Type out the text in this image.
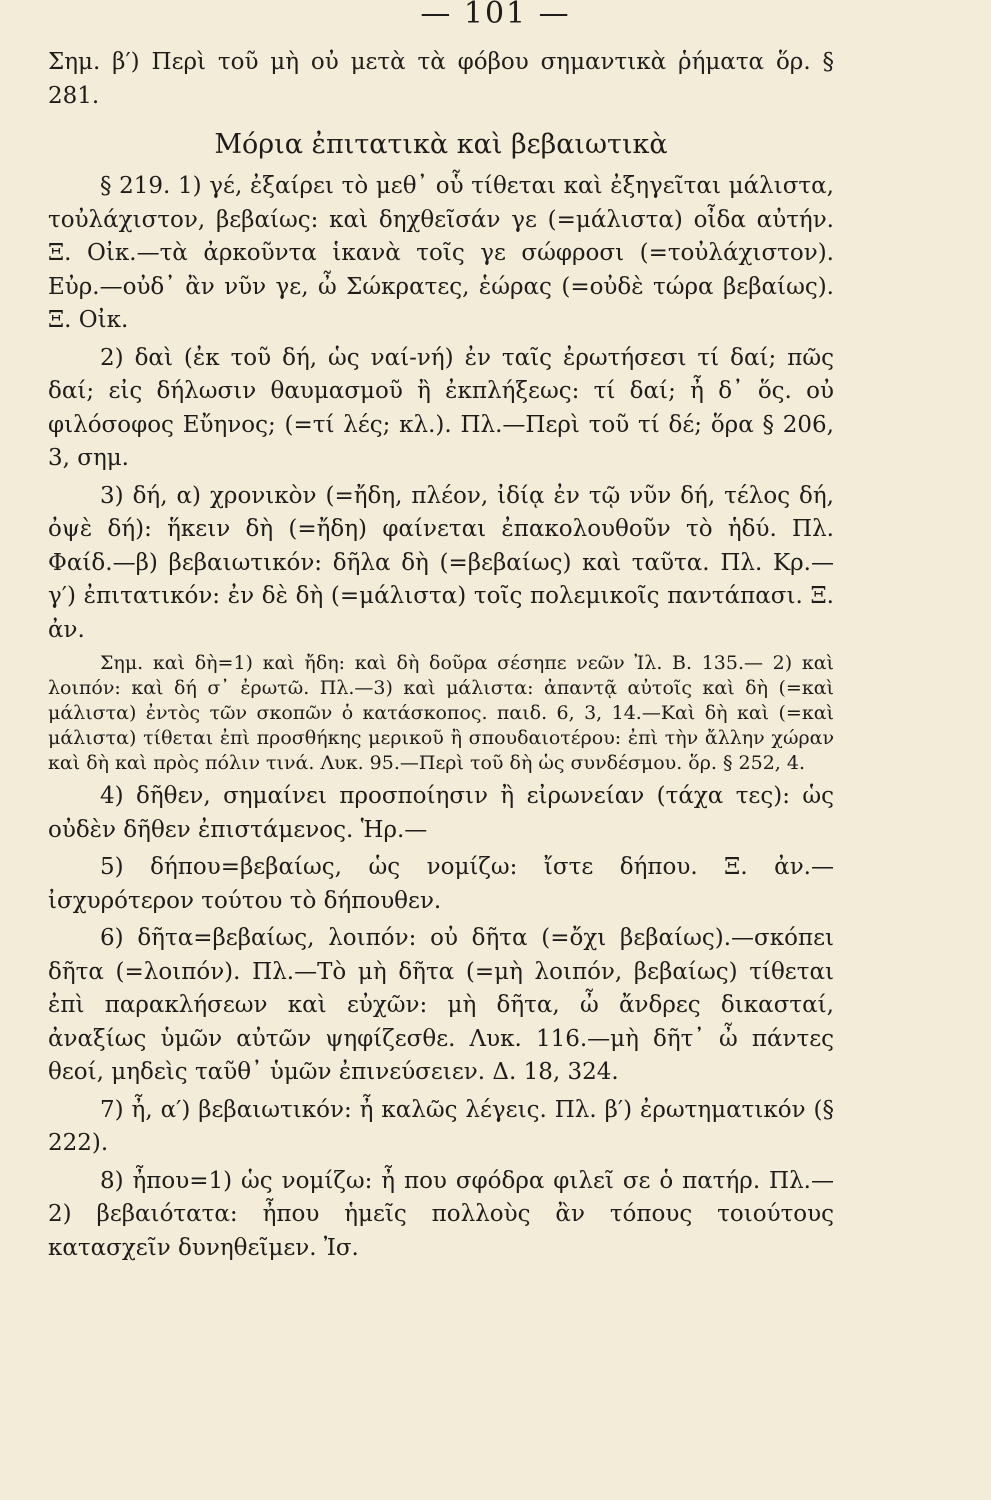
— 101 —

Σημ. β′) Περὶ τοῦ μὴ οὐ μετὰ τὰ φόβου σημαντικὰ ῥήματα ὅρ. § 281.

Μόρια ἐπιτατικὰ καὶ βεβαιωτικὰ

§ 219. 1) γέ, ἐξαίρει τὸ μεθ᾽ οὗ τίθεται καὶ ἐξηγεῖται μάλιστα, τοὐλάχιστον, βεβαίως: καὶ δηχθεῖσάν γε (=μάλιστα) οἶδα αὐτήν. Ξ. Οἰκ.—τὰ ἀρκοῦντα ἱκανὰ τοῖς γε σώφροσι (=τοὐλάχιστον). Εὐρ.—οὐδ᾽ ἂν νῦν γε, ὦ Σώκρατες, ἑώρας (=οὐδὲ τώρα βεβαίως). Ξ. Οἰκ.

2) δαὶ (ἐκ τοῦ δή, ὡς ναί-νή) ἐν ταῖς ἐρωτήσεσι τί δαί; πῶς δαί; εἰς δήλωσιν θαυμασμοῦ ἢ ἐκπλήξεως: τί δαί; ἦ δ᾽ ὅς. οὐ φιλόσοφος Εὔηνος; (=τί λές; κλ.). Πλ.—Περὶ τοῦ τί δέ; ὅρα § 206, 3, σημ.

3) δή, α) χρονικὸν (=ἤδη, πλέον, ἰδίᾳ ἐν τῷ νῦν δή, τέλος δή, ὀψὲ δή): ἥκειν δὴ (=ἤδη) φαίνεται ἐπακολουθοῦν τὸ ἡδύ. Πλ. Φαίδ.—β) βεβαιωτικόν: δῆλα δὴ (=βεβαίως) καὶ ταῦτα. Πλ. Κρ.—γ′) ἐπιτατικόν: ἐν δὲ δὴ (=μάλιστα) τοῖς πολεμικοῖς παντάπασι. Ξ. ἀν.

Σημ. καὶ δὴ=1) καὶ ἤδη: καὶ δὴ δοῦρα σέσηπε νεῶν Ἰλ. Β. 135.— 2) καὶ λοιπόν: καὶ δή σ᾽ ἐρωτῶ. Πλ.—3) καὶ μάλιστα: ἀπαντᾷ αὐτοῖς καὶ δὴ (=καὶ μάλιστα) ἐντὸς τῶν σκοπῶν ὁ κατάσκοπος. παιδ. 6, 3, 14.—Καὶ δὴ καὶ (=καὶ μάλιστα) τίθεται ἐπὶ προσθήκης μερικοῦ ἢ σπουδαιοτέρου: ἐπὶ τὴν ἄλλην χώραν καὶ δὴ καὶ πρὸς πόλιν τινά. Λυκ. 95.—Περὶ τοῦ δὴ ὡς συνδέσμου. ὅρ. § 252, 4.

4) δῆθεν, σημαίνει προσποίησιν ἢ εἰρωνείαν (τάχα τες): ὡς οὐδὲν δῆθεν ἐπιστάμενος. Ἡρ.—

5) δήπου=βεβαίως, ὡς νομίζω: ἴστε δήπου. Ξ. ἀν.—ἰσχυρότερον τούτου τὸ δήπουθεν.

6) δῆτα=βεβαίως, λοιπόν: οὐ δῆτα (=ὄχι βεβαίως).—σκόπει δῆτα (=λοιπόν). Πλ.—Τὸ μὴ δῆτα (=μὴ λοιπόν, βεβαίως) τίθεται ἐπὶ παρακλήσεων καὶ εὐχῶν: μὴ δῆτα, ὦ ἄνδρες δικασταί, ἀναξίως ὑμῶν αὐτῶν ψηφίζεσθε. Λυκ. 116.—μὴ δῆτ᾽ ὦ πάντες θεοί, μηδεὶς ταῦθ᾽ ὑμῶν ἐπινεύσειεν. Δ. 18, 324.

7) ἦ, α′) βεβαιωτικόν: ἦ καλῶς λέγεις. Πλ. β′) ἐρωτηματικόν (§ 222).

8) ἦπου=1) ὡς νομίζω: ἦ που σφόδρα φιλεῖ σε ὁ πατήρ. Πλ.—2) βεβαιότατα: ἦπου ἡμεῖς πολλοὺς ἂν τόπους τοιούτους κατασχεῖν δυνηθεῖμεν. Ἰσ.
